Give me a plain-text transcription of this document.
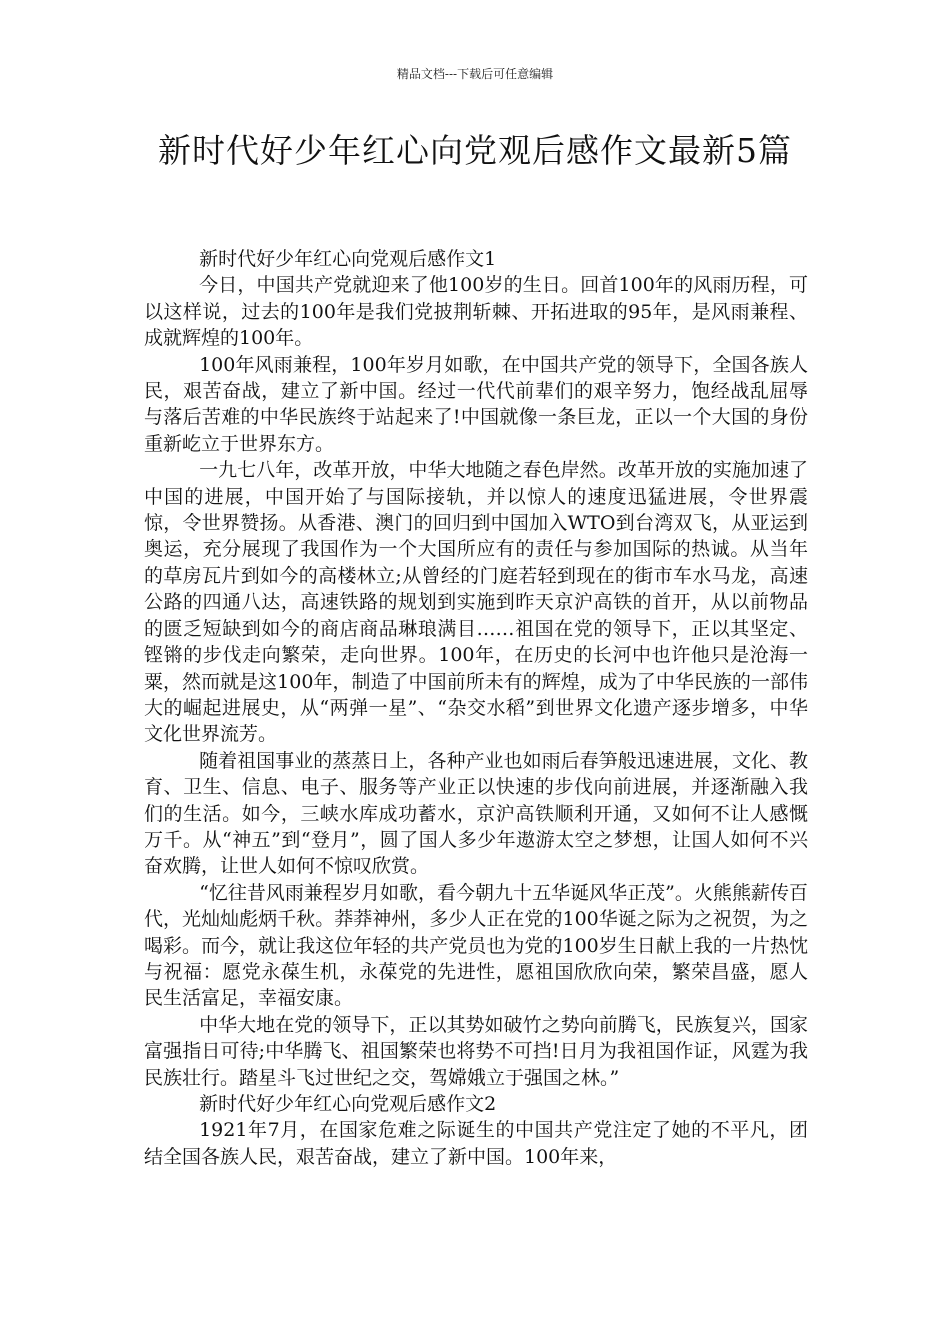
精品文档---下载后可任意编辑
新时代好少年红心向党观后感作文最新5篇

新时代好少年红心向党观后感作文1

今日，中国共产党就迎来了他100岁的生日。回首100年的风雨历程，可以这样说，过去的100年是我们党披荆斩棘、开拓进取的95年，是风雨兼程、成就辉煌的100年。

100年风雨兼程，100年岁月如歌，在中国共产党的领导下，全国各族人民，艰苦奋战，建立了新中国。经过一代代前辈们的艰辛努力，饱经战乱屈辱与落后苦难的中华民族终于站起来了!中国就像一条巨龙，正以一个大国的身份重新屹立于世界东方。

一九七八年，改革开放，中华大地随之春色岸然。改革开放的实施加速了中国的进展，中国开始了与国际接轨，并以惊人的速度迅猛进展，令世界震惊，令世界赞扬。从香港、澳门的回归到中国加入WTO到台湾双飞，从亚运到奥运，充分展现了我国作为一个大国所应有的责任与参加国际的热诚。从当年的草房瓦片到如今的高楼林立;从曾经的门庭若轻到现在的街市车水马龙，高速公路的四通八达，高速铁路的规划到实施到昨天京沪高铁的首开，从以前物品的匮乏短缺到如今的商店商品琳琅满目……祖国在党的领导下，正以其坚定、铿锵的步伐走向繁荣，走向世界。100年，在历史的长河中也许他只是沧海一粟，然而就是这100年，制造了中国前所未有的辉煌，成为了中华民族的一部伟大的崛起进展史，从“两弹一星”、“杂交水稻”到世界文化遗产逐步增多，中华文化世界流芳。

随着祖国事业的蒸蒸日上，各种产业也如雨后春笋般迅速进展，文化、教育、卫生、信息、电子、服务等产业正以快速的步伐向前进展，并逐渐融入我们的生活。如今，三峡水库成功蓄水，京沪高铁顺利开通，又如何不让人感慨万千。从“神五”到“登月”，圆了国人多少年遨游太空之梦想，让国人如何不兴奋欢腾，让世人如何不惊叹欣赏。

“忆往昔风雨兼程岁月如歌，看今朝九十五华诞风华正茂”。火熊熊薪传百代，光灿灿彪炳千秋。莽莽神州，多少人正在党的100华诞之际为之祝贺，为之喝彩。而今，就让我这位年轻的共产党员也为党的100岁生日献上我的一片热忱与祝福：愿党永葆生机，永葆党的先进性，愿祖国欣欣向荣，繁荣昌盛，愿人民生活富足，幸福安康。

中华大地在党的领导下，正以其势如破竹之势向前腾飞，民族复兴，国家富强指日可待;中华腾飞、祖国繁荣也将势不可挡!日月为我祖国作证，风霆为我民族壮行。踏星斗飞过世纪之交，驾嫦娥立于强国之林。”

新时代好少年红心向党观后感作文2

1921年7月，在国家危难之际诞生的中国共产党注定了她的不平凡，团结全国各族人民，艰苦奋战，建立了新中国。100年来，
